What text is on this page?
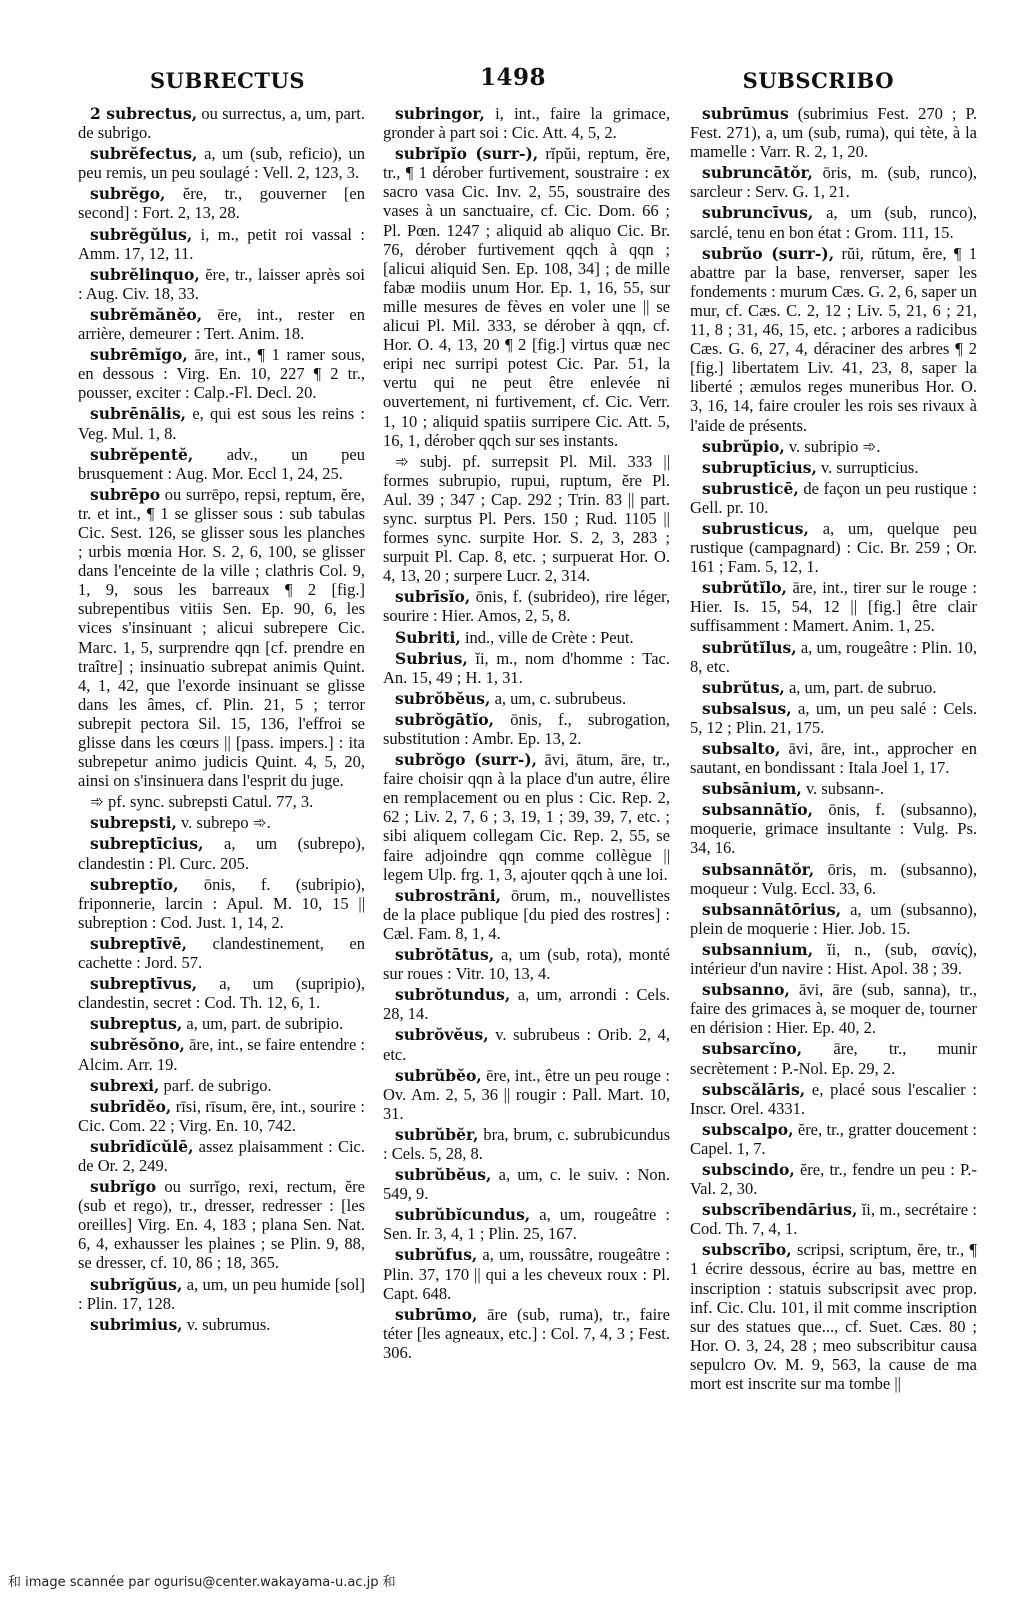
SUBRECTUS	1498	SUBSCRIBO

2 subrectus, ou surrectus, a, um, part. de subrigo.

subrĕfectus, a, um (sub, reficio), un peu remis, un peu soulagé : Vell. 2, 123, 3.

subrĕgo, ĕre, tr., gouverner [en second] : Fort. 2, 13, 28.

subrĕgŭlus, i, m., petit roi vassal : Amm. 17, 12, 11.

subrĕlinquo, ĕre, tr., laisser après soi : Aug. Civ. 18, 33.

subrĕmănĕo, ēre, int., rester en arrière, demeurer : Tert. Anim. 18.

subrēmĭgo, āre, int., ¶ 1 ramer sous, en dessous : Virg. En. 10, 227 ¶ 2 tr., pousser, exciter : Calp.-Fl. Decl. 20.

subrēnālis, e, qui est sous les reins : Veg. Mul. 1, 8.

subrĕpentĕ, adv., un peu brusquement : Aug. Mor. Eccl 1, 24, 25.

subrēpo ou surrēpo, repsi, reptum, ĕre, tr. et int., ¶ 1 se glisser sous : sub tabulas Cic. Sest. 126, se glisser sous les planches ; urbis mœnia Hor. S. 2, 6, 100, se glisser dans l'enceinte de la ville ; clathris Col. 9, 1, 9, sous les barreaux ¶ 2 [fig.] subrepentibus vitiis Sen. Ep. 90, 6, les vices s'insinuant ; alicui subrepere Cic. Marc. 1, 5, surprendre qqn [cf. prendre en traître] ; insinuatio subrepat animis Quint. 4, 1, 42, que l'exorde insinuant se glisse dans les âmes, cf. Plin. 21, 5 ; terror subrepit pectora Sil. 15, 136, l'effroi se glisse dans les cœurs || [pass. impers.] : ita subrepetur animo judicis Quint. 4, 5, 20, ainsi on s'insinuera dans l'esprit du juge.

➾ pf. sync. subrepsti Catul. 77, 3.

subrepsti, v. subrepo ➾.

subreptīcius, a, um (subrepo), clandestin : Pl. Curc. 205.

subreptĭo, ōnis, f. (subripio), friponnerie, larcin : Apul. M. 10, 15 || subreption : Cod. Just. 1, 14, 2.

subreptīvē, clandestinement, en cachette : Jord. 57.

subreptīvus, a, um (supripio), clandestin, secret : Cod. Th. 12, 6, 1.

subreptus, a, um, part. de subripio.

subrĕsŏno, āre, int., se faire entendre : Alcim. Arr. 19.

subrexi, parf. de subrigo.

subrīdĕo, rīsi, rīsum, ēre, int., sourire : Cic. Com. 22 ; Virg. En. 10, 742.

subrīdĭcŭlē, assez plaisamment : Cic. de Or. 2, 249.

subrĭgo ou surrĭgo, rexi, rectum, ĕre (sub et rego), tr., dresser, redresser : [les oreilles] Virg. En. 4, 183 ; plana Sen. Nat. 6, 4, exhausser les plaines ; se Plin. 9, 88, se dresser, cf. 10, 86 ; 18, 365.

subrĭgŭus, a, um, un peu humide [sol] : Plin. 17, 128.

subrimius, v. subrumus.

subringor, i, int., faire la grimace, gronder à part soi : Cic. Att. 4, 5, 2.

subrĭpĭo (surr-), rĭpŭi, reptum, ĕre, tr., ¶ 1 dérober furtivement, soustraire : ex sacro vasa Cic. Inv. 2, 55, soustraire des vases à un sanctuaire, cf. Cic. Dom. 66 ; Pl. Pœn. 1247 ; aliquid ab aliquo Cic. Br. 76, dérober furtivement qqch à qqn ; [alicui aliquid Sen. Ep. 108, 34] ; de mille fabæ modiis unum Hor. Ep. 1, 16, 55, sur mille mesures de fèves en voler une || se alicui Pl. Mil. 333, se dérober à qqn, cf. Hor. O. 4, 13, 20 ¶ 2 [fig.] virtus quæ nec eripi nec surripi potest Cic. Par. 51, la vertu qui ne peut être enlevée ni ouvertement, ni furtivement, cf. Cic. Verr. 1, 10 ; aliquid spatiis surripere Cic. Att. 5, 16, 1, dérober qqch sur ses instants.

➾ subj. pf. surrepsit Pl. Mil. 333 || formes subrupio, rupui, ruptum, ĕre Pl. Aul. 39 ; 347 ; Cap. 292 ; Trin. 83 || part. sync. surptus Pl. Pers. 150 ; Rud. 1105 || formes sync. surpite Hor. S. 2, 3, 283 ; surpuit Pl. Cap. 8, etc. ; surpuerat Hor. O. 4, 13, 20 ; surpere Lucr. 2, 314.

subrīsĭo, ōnis, f. (subrideo), rire léger, sourire : Hier. Amos, 2, 5, 8.

Subriti, ind., ville de Crète : Peut.

Subrius, ĭi, m., nom d'homme : Tac. An. 15, 49 ; H. 1, 31.

subrŏbĕus, a, um, c. subrubeus.

subrŏgātĭo, ōnis, f., subrogation, substitution : Ambr. Ep. 13, 2.

subrŏgo (surr-), āvi, ātum, āre, tr., faire choisir qqn à la place d'un autre, élire en remplacement ou en plus : Cic. Rep. 2, 62 ; Liv. 2, 7, 6 ; 3, 19, 1 ; 39, 39, 7, etc. ; sibi aliquem collegam Cic. Rep. 2, 55, se faire adjoindre qqn comme collègue || legem Ulp. frg. 1, 3, ajouter qqch à une loi.

subrostrāni, ōrum, m., nouvellistes de la place publique [du pied des rostres] : Cæl. Fam. 8, 1, 4.

subrŏtātus, a, um (sub, rota), monté sur roues : Vitr. 10, 13, 4.

subrŏtundus, a, um, arrondi : Cels. 28, 14.

subrŏvĕus, v. subrubeus : Orib. 2, 4, etc.

subrŭbĕo, ēre, int., être un peu rouge : Ov. Am. 2, 5, 36 || rougir : Pall. Mart. 10, 31.

subrŭbĕr, bra, brum, c. subrubicundus : Cels. 5, 28, 8.

subrŭbĕus, a, um, c. le suiv. : Non. 549, 9.

subrŭbĭcundus, a, um, rougeâtre : Sen. Ir. 3, 4, 1 ; Plin. 25, 167.

subrŭfus, a, um, roussâtre, rougeâtre : Plin. 37, 170 || qui a les cheveux roux : Pl. Capt. 648.

subrūmo, āre (sub, ruma), tr., faire téter [les agneaux, etc.] : Col. 7, 4, 3 ; Fest. 306.

subrūmus (subrimius Fest. 270 ; P. Fest. 271), a, um (sub, ruma), qui tète, à la mamelle : Varr. R. 2, 1, 20.

subruncātŏr, ōris, m. (sub, runco), sarcleur : Serv. G. 1, 21.

subruncīvus, a, um (sub, runco), sarclé, tenu en bon état : Grom. 111, 15.

subrŭo (surr-), rŭi, rŭtum, ĕre, ¶ 1 abattre par la base, renverser, saper les fondements : murum Cæs. G. 2, 6, saper un mur, cf. Cæs. C. 2, 12 ; Liv. 5, 21, 6 ; 21, 11, 8 ; 31, 46, 15, etc. ; arbores a radicibus Cæs. G. 6, 27, 4, déraciner des arbres ¶ 2 [fig.] libertatem Liv. 41, 23, 8, saper la liberté ; æmulos reges muneribus Hor. O. 3, 16, 14, faire crouler les rois ses rivaux à l'aide de présents.

subrŭpio, v. subripio ➾.

subruptīcius, v. surrupticius.

subrusticē, de façon un peu rustique : Gell. pr. 10.

subrusticus, a, um, quelque peu rustique (campagnard) : Cic. Br. 259 ; Or. 161 ; Fam. 5, 12, 1.

subrŭtĭlo, āre, int., tirer sur le rouge : Hier. Is. 15, 54, 12 || [fig.] être clair suffisamment : Mamert. Anim. 1, 25.

subrŭtĭlus, a, um, rougeâtre : Plin. 10, 8, etc.

subrŭtus, a, um, part. de subruo.

subsalsus, a, um, un peu salé : Cels. 5, 12 ; Plin. 21, 175.

subsalto, āvi, āre, int., approcher en sautant, en bondissant : Itala Joel 1, 17.

subsānium, v. subsann-.

subsannātĭo, ōnis, f. (subsanno), moquerie, grimace insultante : Vulg. Ps. 34, 16.

subsannātŏr, ōris, m. (subsanno), moqueur : Vulg. Eccl. 33, 6.

subsannātōrius, a, um (subsanno), plein de moquerie : Hier. Job. 15.

subsannium, ĭi, n., (sub, σανίς), intérieur d'un navire : Hist. Apol. 38 ; 39.

subsanno, āvi, āre (sub, sanna), tr., faire des grimaces à, se moquer de, tourner en dérision : Hier. Ep. 40, 2.

subsarcĭno, āre, tr., munir secrètement : P.-Nol. Ep. 29, 2.

subscălāris, e, placé sous l'escalier : Inscr. Orel. 4331.

subscalpo, ĕre, tr., gratter doucement : Capel. 1, 7.

subscindo, ĕre, tr., fendre un peu : P.-Val. 2, 30.

subscrībendārius, ĭi, m., secrétaire : Cod. Th. 7, 4, 1.

subscrībo, scripsi, scriptum, ĕre, tr., ¶ 1 écrire dessous, écrire au bas, mettre en inscription : statuis subscripsit avec prop. inf. Cic. Clu. 101, il mit comme inscription sur des statues que..., cf. Suet. Cæs. 80 ; Hor. O. 3, 24, 28 ; meo subscribitur causa sepulcro Ov. M. 9, 563, la cause de ma mort est inscrite sur ma tombe ||

和 image scannée par ogurisu@center.wakayama-u.ac.jp 和
